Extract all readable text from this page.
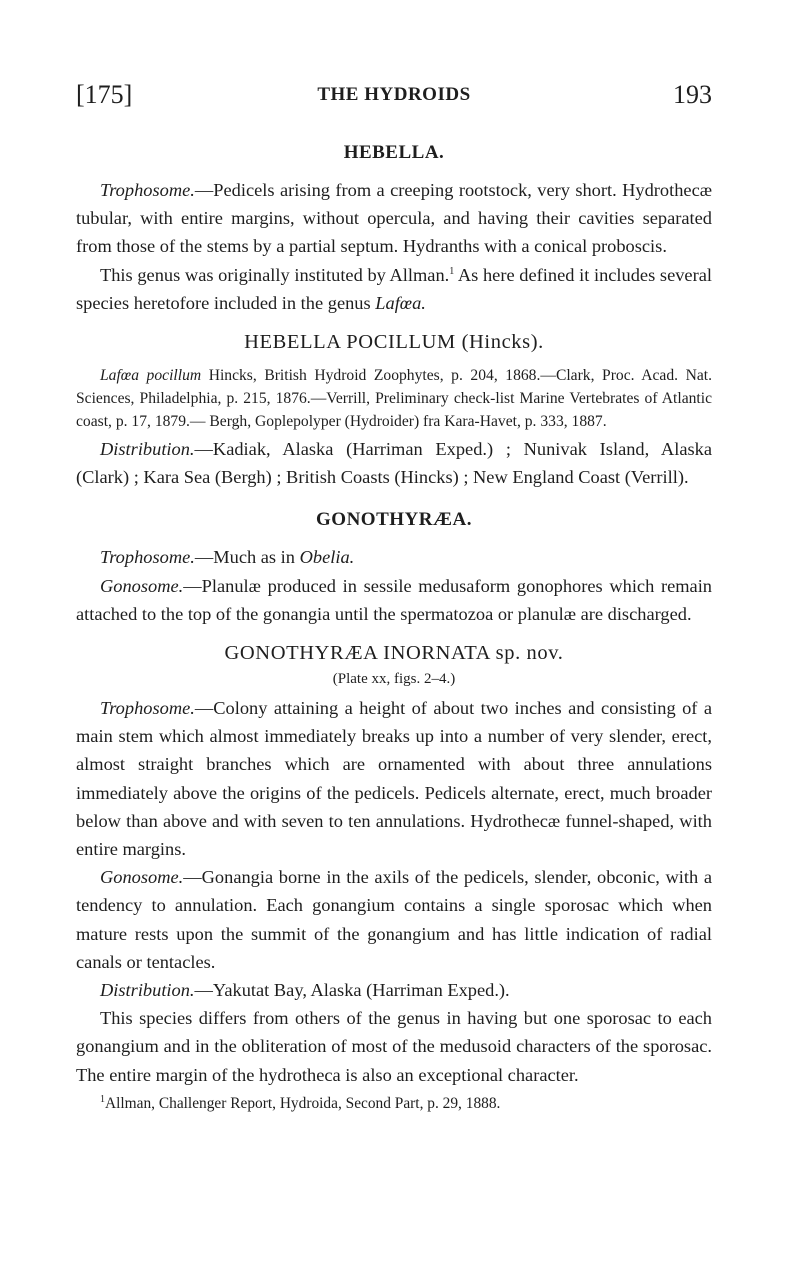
[175]	THE HYDROIDS	193
HEBELLA.

Trophosome.—Pedicels arising from a creeping rootstock, very short. Hydrothecæ tubular, with entire margins, without opercula, and having their cavities separated from those of the stems by a partial septum. Hydranths with a conical proboscis.

This genus was originally instituted by Allman.$^1$ As here defined it includes several species heretofore included in the genus Lafœa.

HEBELLA POCILLUM (Hincks).

Lafœa pocillum Hincks, British Hydroid Zoophytes, p. 204, 1868.—Clark, Proc. Acad. Nat. Sciences, Philadelphia, p. 215, 1876.—Verrill, Preliminary check-list Marine Vertebrates of Atlantic coast, p. 17, 1879.— Bergh, Goplepolyper (Hydroider) fra Kara-Havet, p. 333, 1887.

Distribution.—Kadiak, Alaska (Harriman Exped.) ; Nunivak Island, Alaska (Clark) ; Kara Sea (Bergh) ; British Coasts (Hincks) ; New England Coast (Verrill).

GONOTHYRÆA.

Trophosome.—Much as in Obelia.

Gonosome.—Planulæ produced in sessile medusaform gonophores which remain attached to the top of the gonangia until the spermatozoa or planulæ are discharged.

GONOTHYRÆA INORNATA sp. nov.
(Plate xx, figs. 2–4.)

Trophosome.—Colony attaining a height of about two inches and consisting of a main stem which almost immediately breaks up into a number of very slender, erect, almost straight branches which are ornamented with about three annulations immediately above the origins of the pedicels. Pedicels alternate, erect, much broader below than above and with seven to ten annulations. Hydrothecæ funnel-shaped, with entire margins.

Gonosome.—Gonangia borne in the axils of the pedicels, slender, obconic, with a tendency to annulation. Each gonangium contains a single sporosac which when mature rests upon the summit of the gonangium and has little indication of radial canals or tentacles.

Distribution.—Yakutat Bay, Alaska (Harriman Exped.).

This species differs from others of the genus in having but one sporosac to each gonangium and in the obliteration of most of the medusoid characters of the sporosac. The entire margin of the hydrotheca is also an exceptional character.

$^1$Allman, Challenger Report, Hydroida, Second Part, p. 29, 1888.
